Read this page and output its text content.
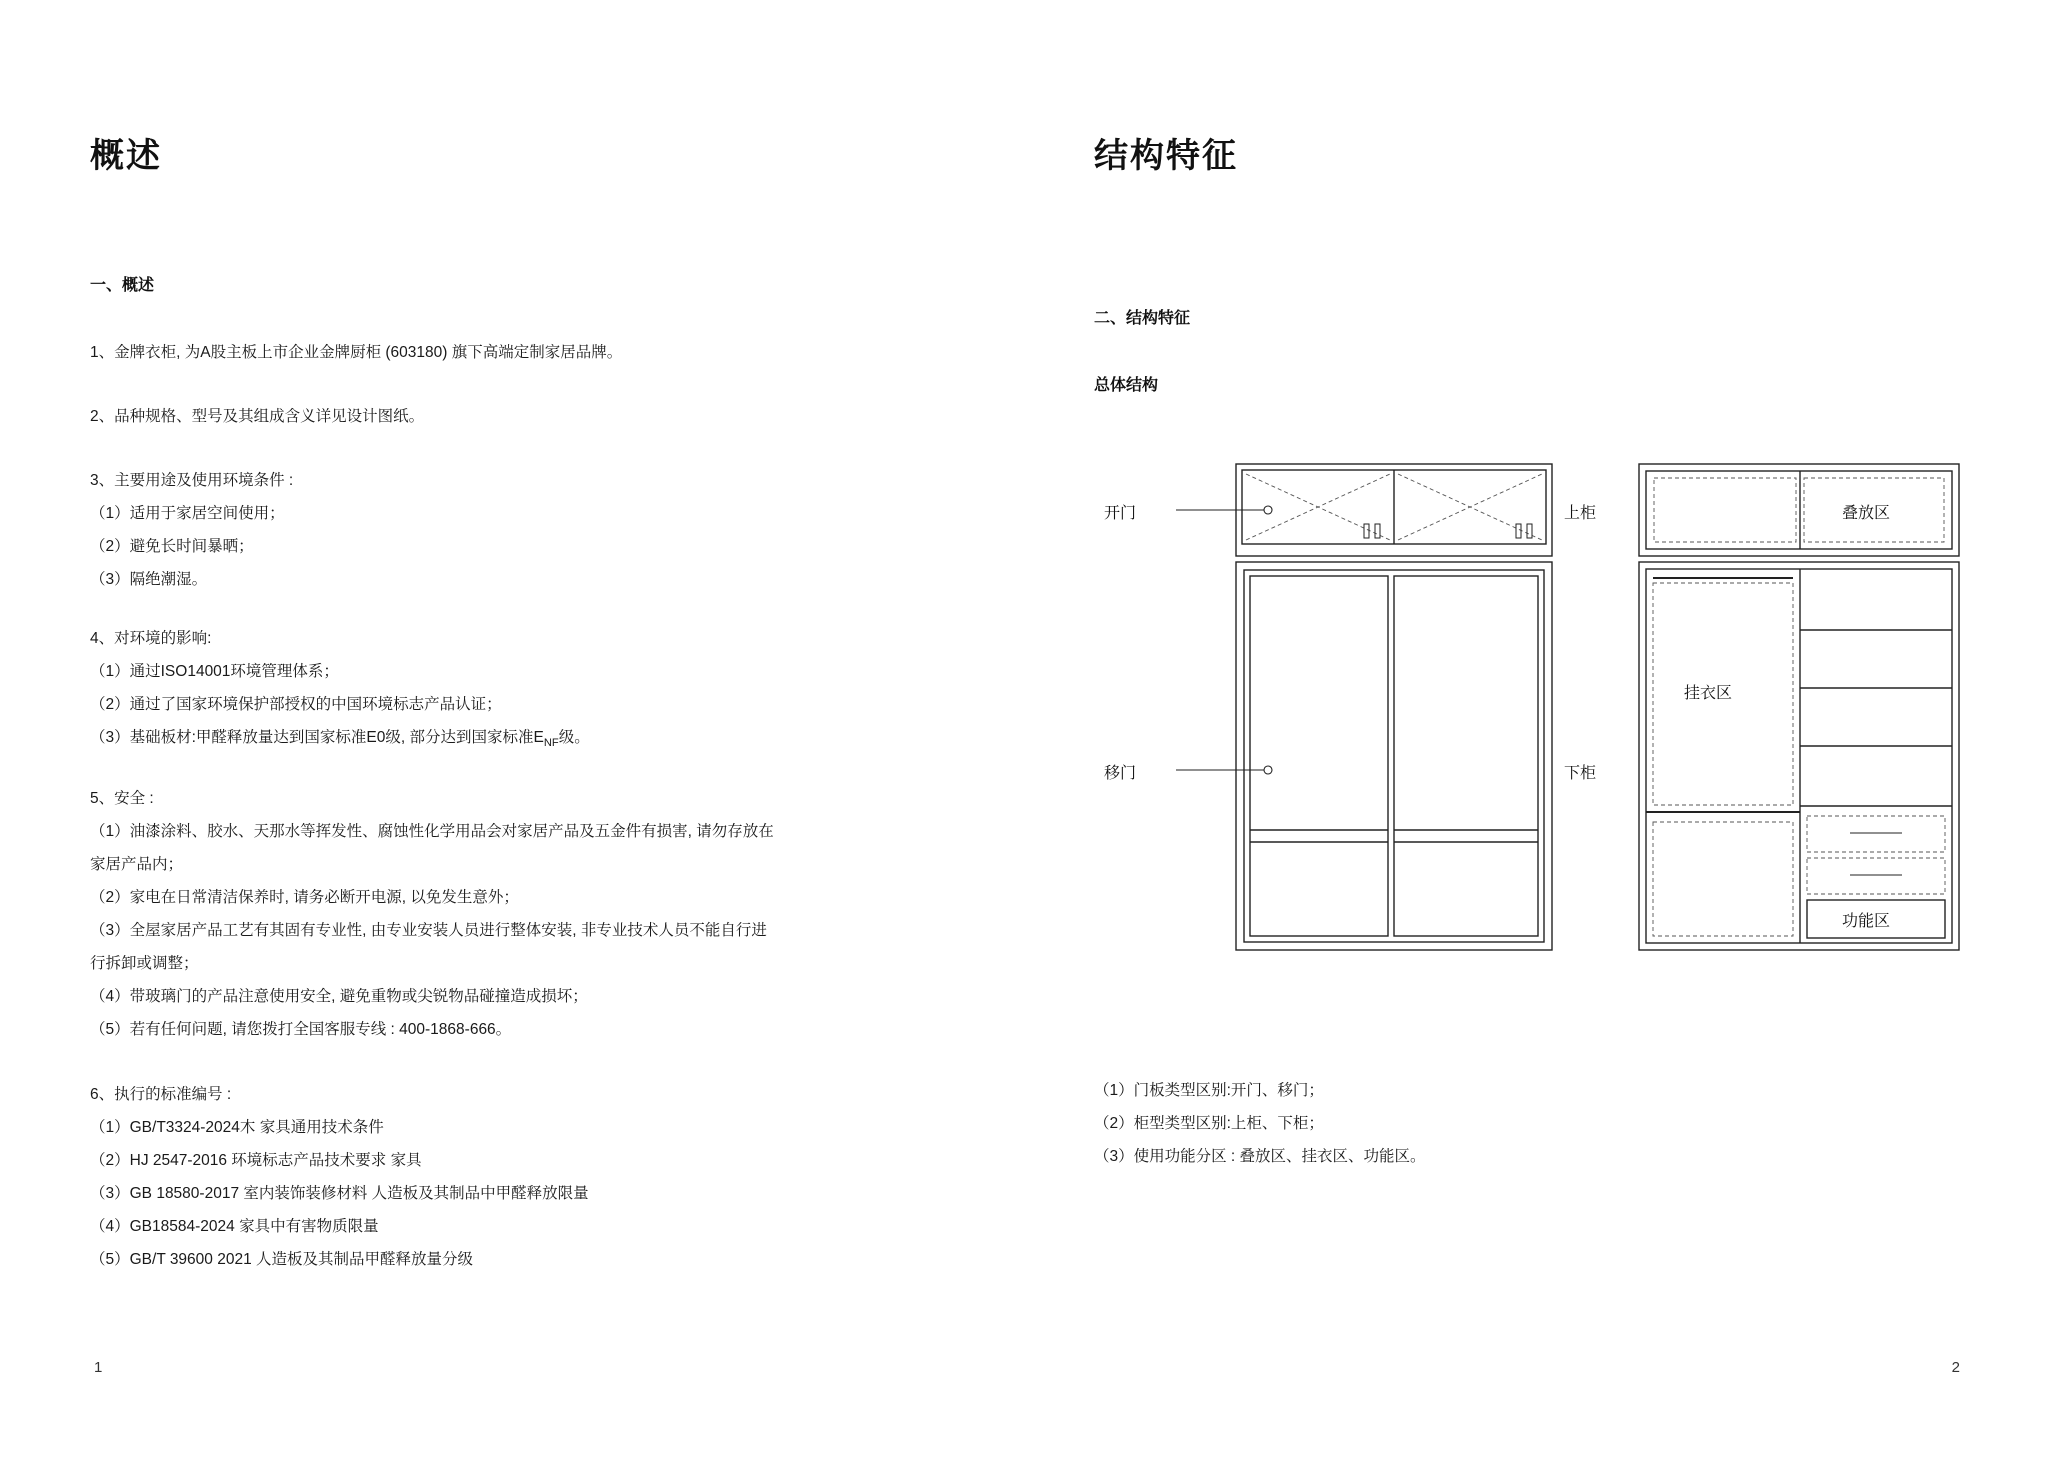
概述
一、概述

1、金牌衣柜, 为A股主板上市企业金牌厨柜 (603180) 旗下高端定制家居品牌。

2、品种规格、型号及其组成含义详见设计图纸。

3、主要用途及使用环境条件 :

（1）适用于家居空间使用；

（2）避免长时间暴晒；

（3）隔绝潮湿。

4、对环境的影响:

（1）通过ISO14001环境管理体系；

（2）通过了国家环境保护部授权的中国环境标志产品认证；

（3）基础板材:甲醛释放量达到国家标准E0级, 部分达到国家标准$E_{NF}$级。

5、安全 :

（1）油漆涂料、胶水、天那水等挥发性、腐蚀性化学用品会对家居产品及五金件有损害, 请勿存放在

家居产品内；

（2）家电在日常清洁保养时, 请务必断开电源, 以免发生意外；

（3）全屋家居产品工艺有其固有专业性, 由专业安装人员进行整体安装, 非专业技术人员不能自行进

行拆卸或调整；

（4）带玻璃门的产品注意使用安全, 避免重物或尖锐物品碰撞造成损坏；

（5）若有任何问题, 请您拨打全国客服专线 : 400-1868-666。

6、执行的标准编号 :

（1）GB/T3324-2024木 家具通用技术条件

（2）HJ 2547-2016 环境标志产品技术要求 家具

（3）GB 18580-2017 室内装饰装修材料 人造板及其制品中甲醛释放限量

（4）GB18584-2024 家具中有害物质限量

（5）GB/T 39600 2021 人造板及其制品甲醛释放量分级

1
结构特征
二、结构特征
总体结构
开门
移门
上柜
下柜
叠放区
挂衣区
功能区

（1）门板类型区别:开门、移门；

（2）柜型类型区别:上柜、下柜；

（3）使用功能分区 : 叠放区、挂衣区、功能区。

2
